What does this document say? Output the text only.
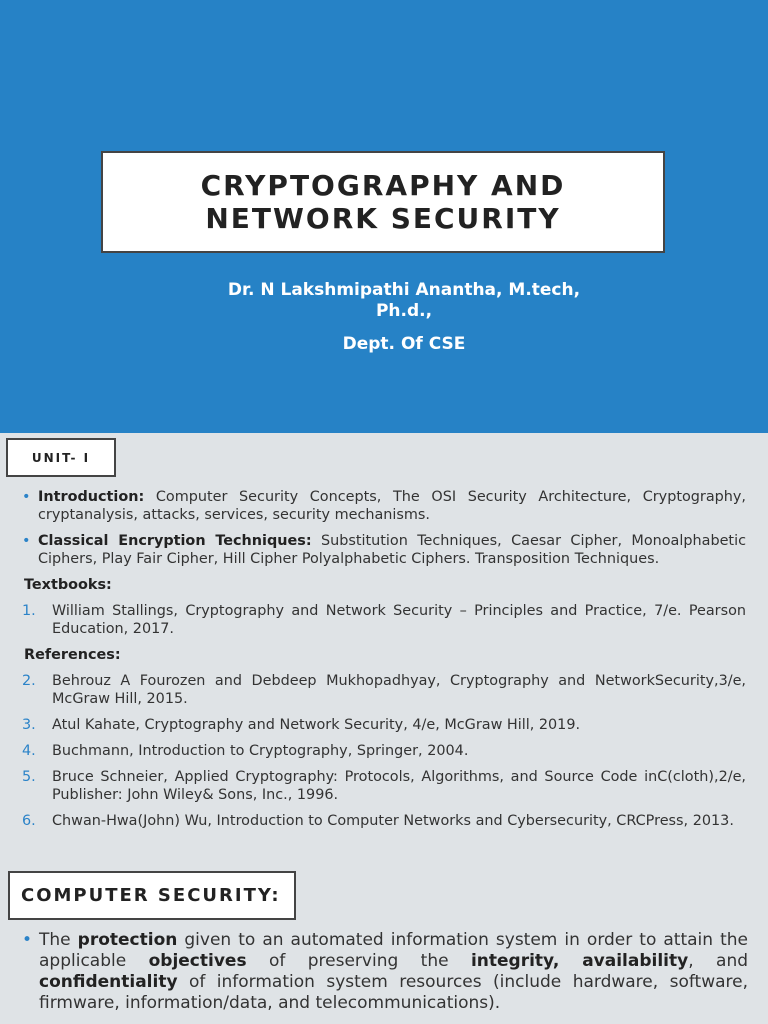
CRYPTOGRAPHY AND
NETWORK SECURITY
Dr. N Lakshmipathi Anantha, M.tech,
Ph.d.,
Dept. Of CSE
UNIT- I
• Introduction: Computer Security Concepts, The OSI Security Architecture, Cryptography, cryptanalysis, attacks, services, security mechanisms.
• Classical Encryption Techniques: Substitution Techniques, Caesar Cipher, Monoalphabetic Ciphers, Play Fair Cipher, Hill Cipher Polyalphabetic Ciphers. Transposition Techniques.
Textbooks:
1.	William Stallings, Cryptography and Network Security – Principles and Practice, 7/e. Pearson Education, 2017.
References:
2.	Behrouz A Fourozen and Debdeep Mukhopadhyay, Cryptography and NetworkSecurity,3/e, McGraw Hill, 2015.
3.	Atul Kahate, Cryptography and Network Security, 4/e, McGraw Hill, 2019.
4.	Buchmann, Introduction to Cryptography, Springer, 2004.
5.	Bruce Schneier, Applied Cryptography: Protocols, Algorithms, and Source Code inC(cloth),2/e, Publisher: John Wiley& Sons, Inc., 1996.
6.	Chwan-Hwa(John) Wu, Introduction to Computer Networks and Cybersecurity, CRCPress, 2013.
COMPUTER SECURITY:
• The protection given to an automated information system in order to attain the applicable objectives of preserving the integrity, availability, and confidentiality of information system resources (include hardware, software, firmware, information/data, and telecommunications).
